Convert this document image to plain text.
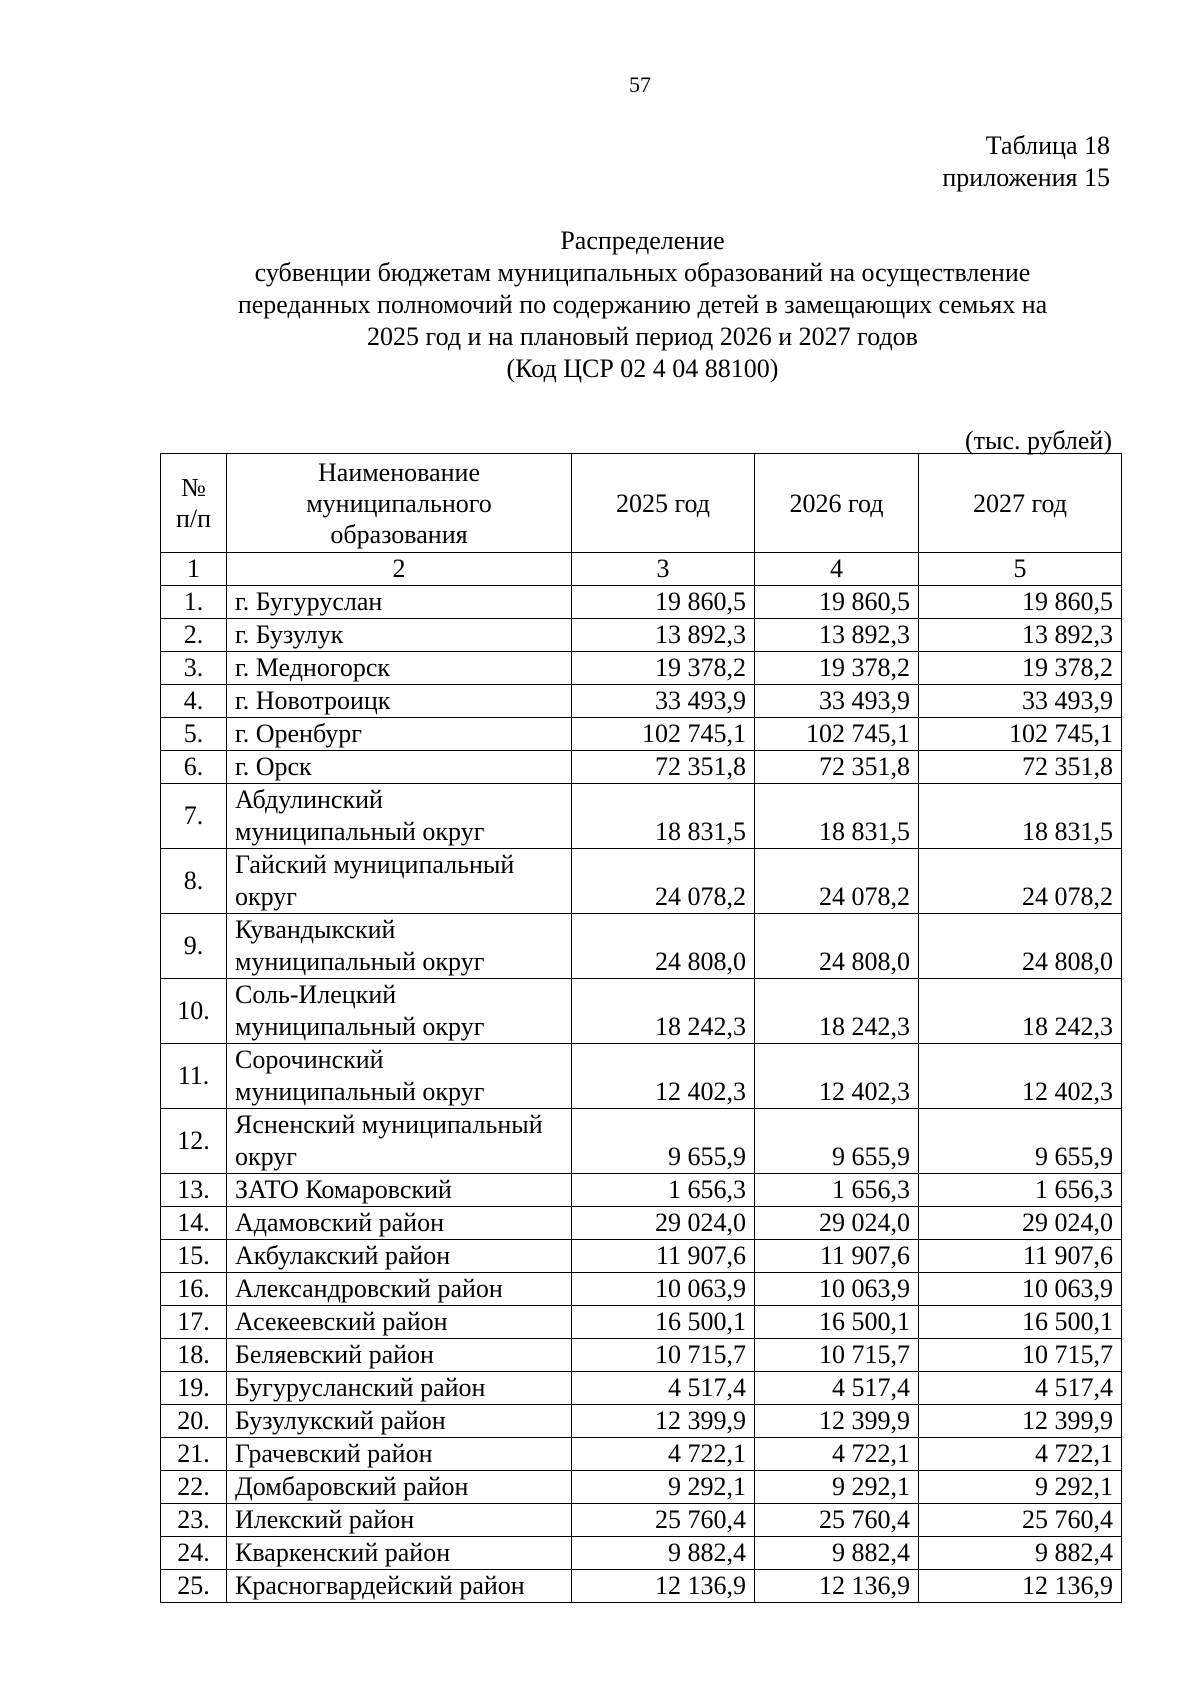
57
Таблица 18
приложения 15
Распределение
субвенции бюджетам муниципальных образований на осуществление
переданных полномочий по содержанию детей в замещающих семьях на
2025 год и на плановый период 2026 и 2027 годов
(Код ЦСР 02 4 04 88100)
(тыс. рублей)
№ п/п	Наименование муниципального образования	2025 год	2026 год	2027 год
1	2	3	4	5
1.	г. Бугуруслан	19 860,5	19 860,5	19 860,5
2.	г. Бузулук	13 892,3	13 892,3	13 892,3
3.	г. Медногорск	19 378,2	19 378,2	19 378,2
4.	г. Новотроицк	33 493,9	33 493,9	33 493,9
5.	г. Оренбург	102 745,1	102 745,1	102 745,1
6.	г. Орск	72 351,8	72 351,8	72 351,8
7.	Абдулинский муниципальный округ	18 831,5	18 831,5	18 831,5
8.	Гайский муниципальный округ	24 078,2	24 078,2	24 078,2
9.	Кувандыкский муниципальный округ	24 808,0	24 808,0	24 808,0
10.	Соль-Илецкий муниципальный округ	18 242,3	18 242,3	18 242,3
11.	Сорочинский муниципальный округ	12 402,3	12 402,3	12 402,3
12.	Ясненский муниципальный округ	9 655,9	9 655,9	9 655,9
13.	ЗАТО Комаровский	1 656,3	1 656,3	1 656,3
14.	Адамовский район	29 024,0	29 024,0	29 024,0
15.	Акбулакский район	11 907,6	11 907,6	11 907,6
16.	Александровский район	10 063,9	10 063,9	10 063,9
17.	Асекеевский район	16 500,1	16 500,1	16 500,1
18.	Беляевский район	10 715,7	10 715,7	10 715,7
19.	Бугурусланский район	4 517,4	4 517,4	4 517,4
20.	Бузулукский район	12 399,9	12 399,9	12 399,9
21.	Грачевский район	4 722,1	4 722,1	4 722,1
22.	Домбаровский район	9 292,1	9 292,1	9 292,1
23.	Илекский район	25 760,4	25 760,4	25 760,4
24.	Кваркенский район	9 882,4	9 882,4	9 882,4
25.	Красногвардейский район	12 136,9	12 136,9	12 136,9
